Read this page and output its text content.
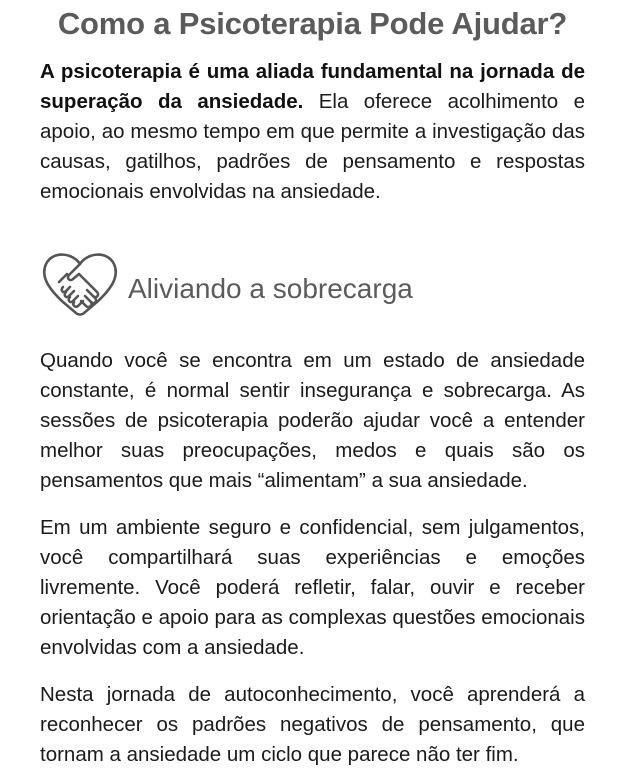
Como a Psicoterapia Pode Ajudar?

A psicoterapia é uma aliada fundamental na jornada de superação da ansiedade. Ela oferece acolhimento e apoio, ao mesmo tempo em que permite a investigação das causas, gatilhos, padrões de pensamento e respostas emocionais envolvidas na ansiedade.

Aliviando a sobrecarga

Quando você se encontra em um estado de ansiedade constante, é normal sentir insegurança e sobrecarga. As sessões de psicoterapia poderão ajudar você a entender melhor suas preocupações, medos e quais são os pensamentos que mais “alimentam” a sua ansiedade.

Em um ambiente seguro e confidencial, sem julgamentos, você compartilhará suas experiências e emoções livremente. Você poderá refletir, falar, ouvir e receber orientação e apoio para as complexas questões emocionais envolvidas com a ansiedade.

Nesta jornada de autoconhecimento, você aprenderá a reconhecer os padrões negativos de pensamento, que tornam a ansiedade um ciclo que parece não ter fim.
